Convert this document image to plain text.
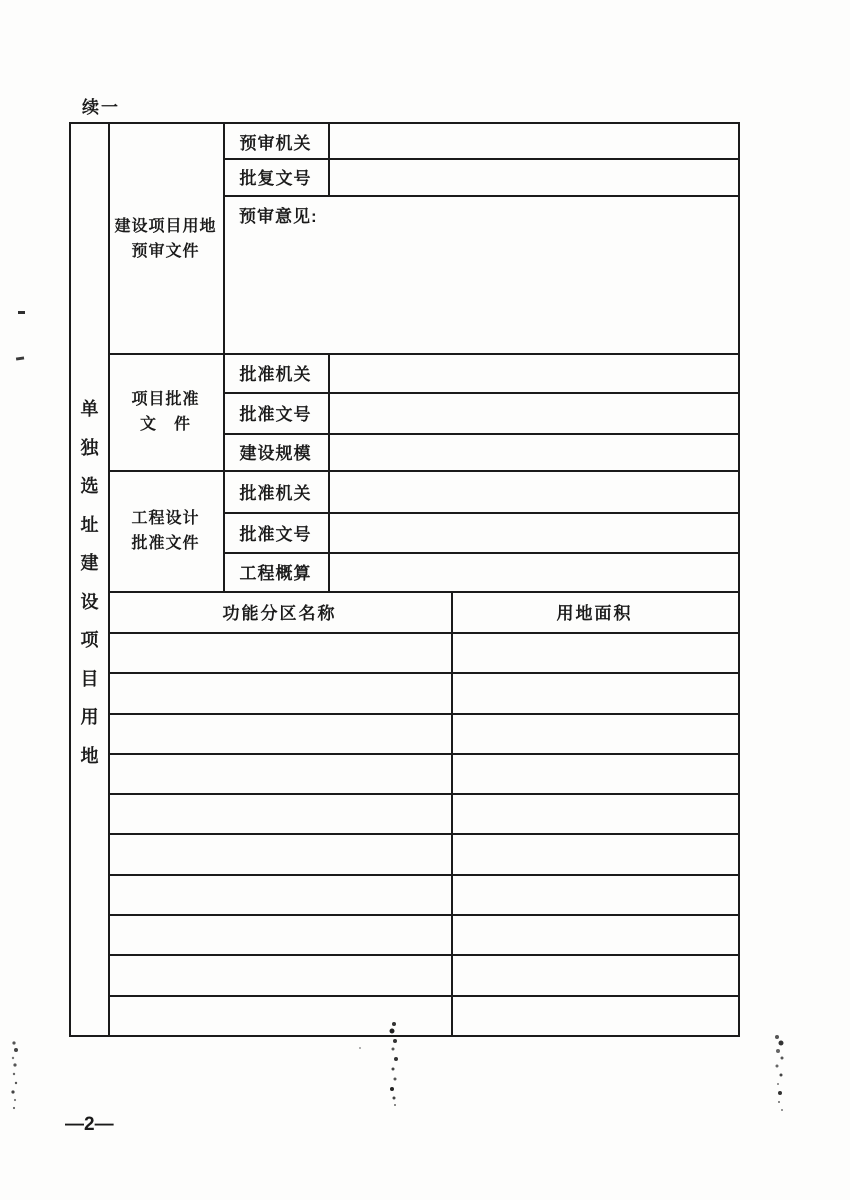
续一
单
独
选
址
建
设
项
目
用
地
建设项目用地
预审文件
预审机关
批复文号
预审意见:
项目批准
文　件
批准机关
批准文号
建设规模
工程设计
批准文件
批准机关
批准文号
工程概算
功能分区名称	用地面积
—2—
